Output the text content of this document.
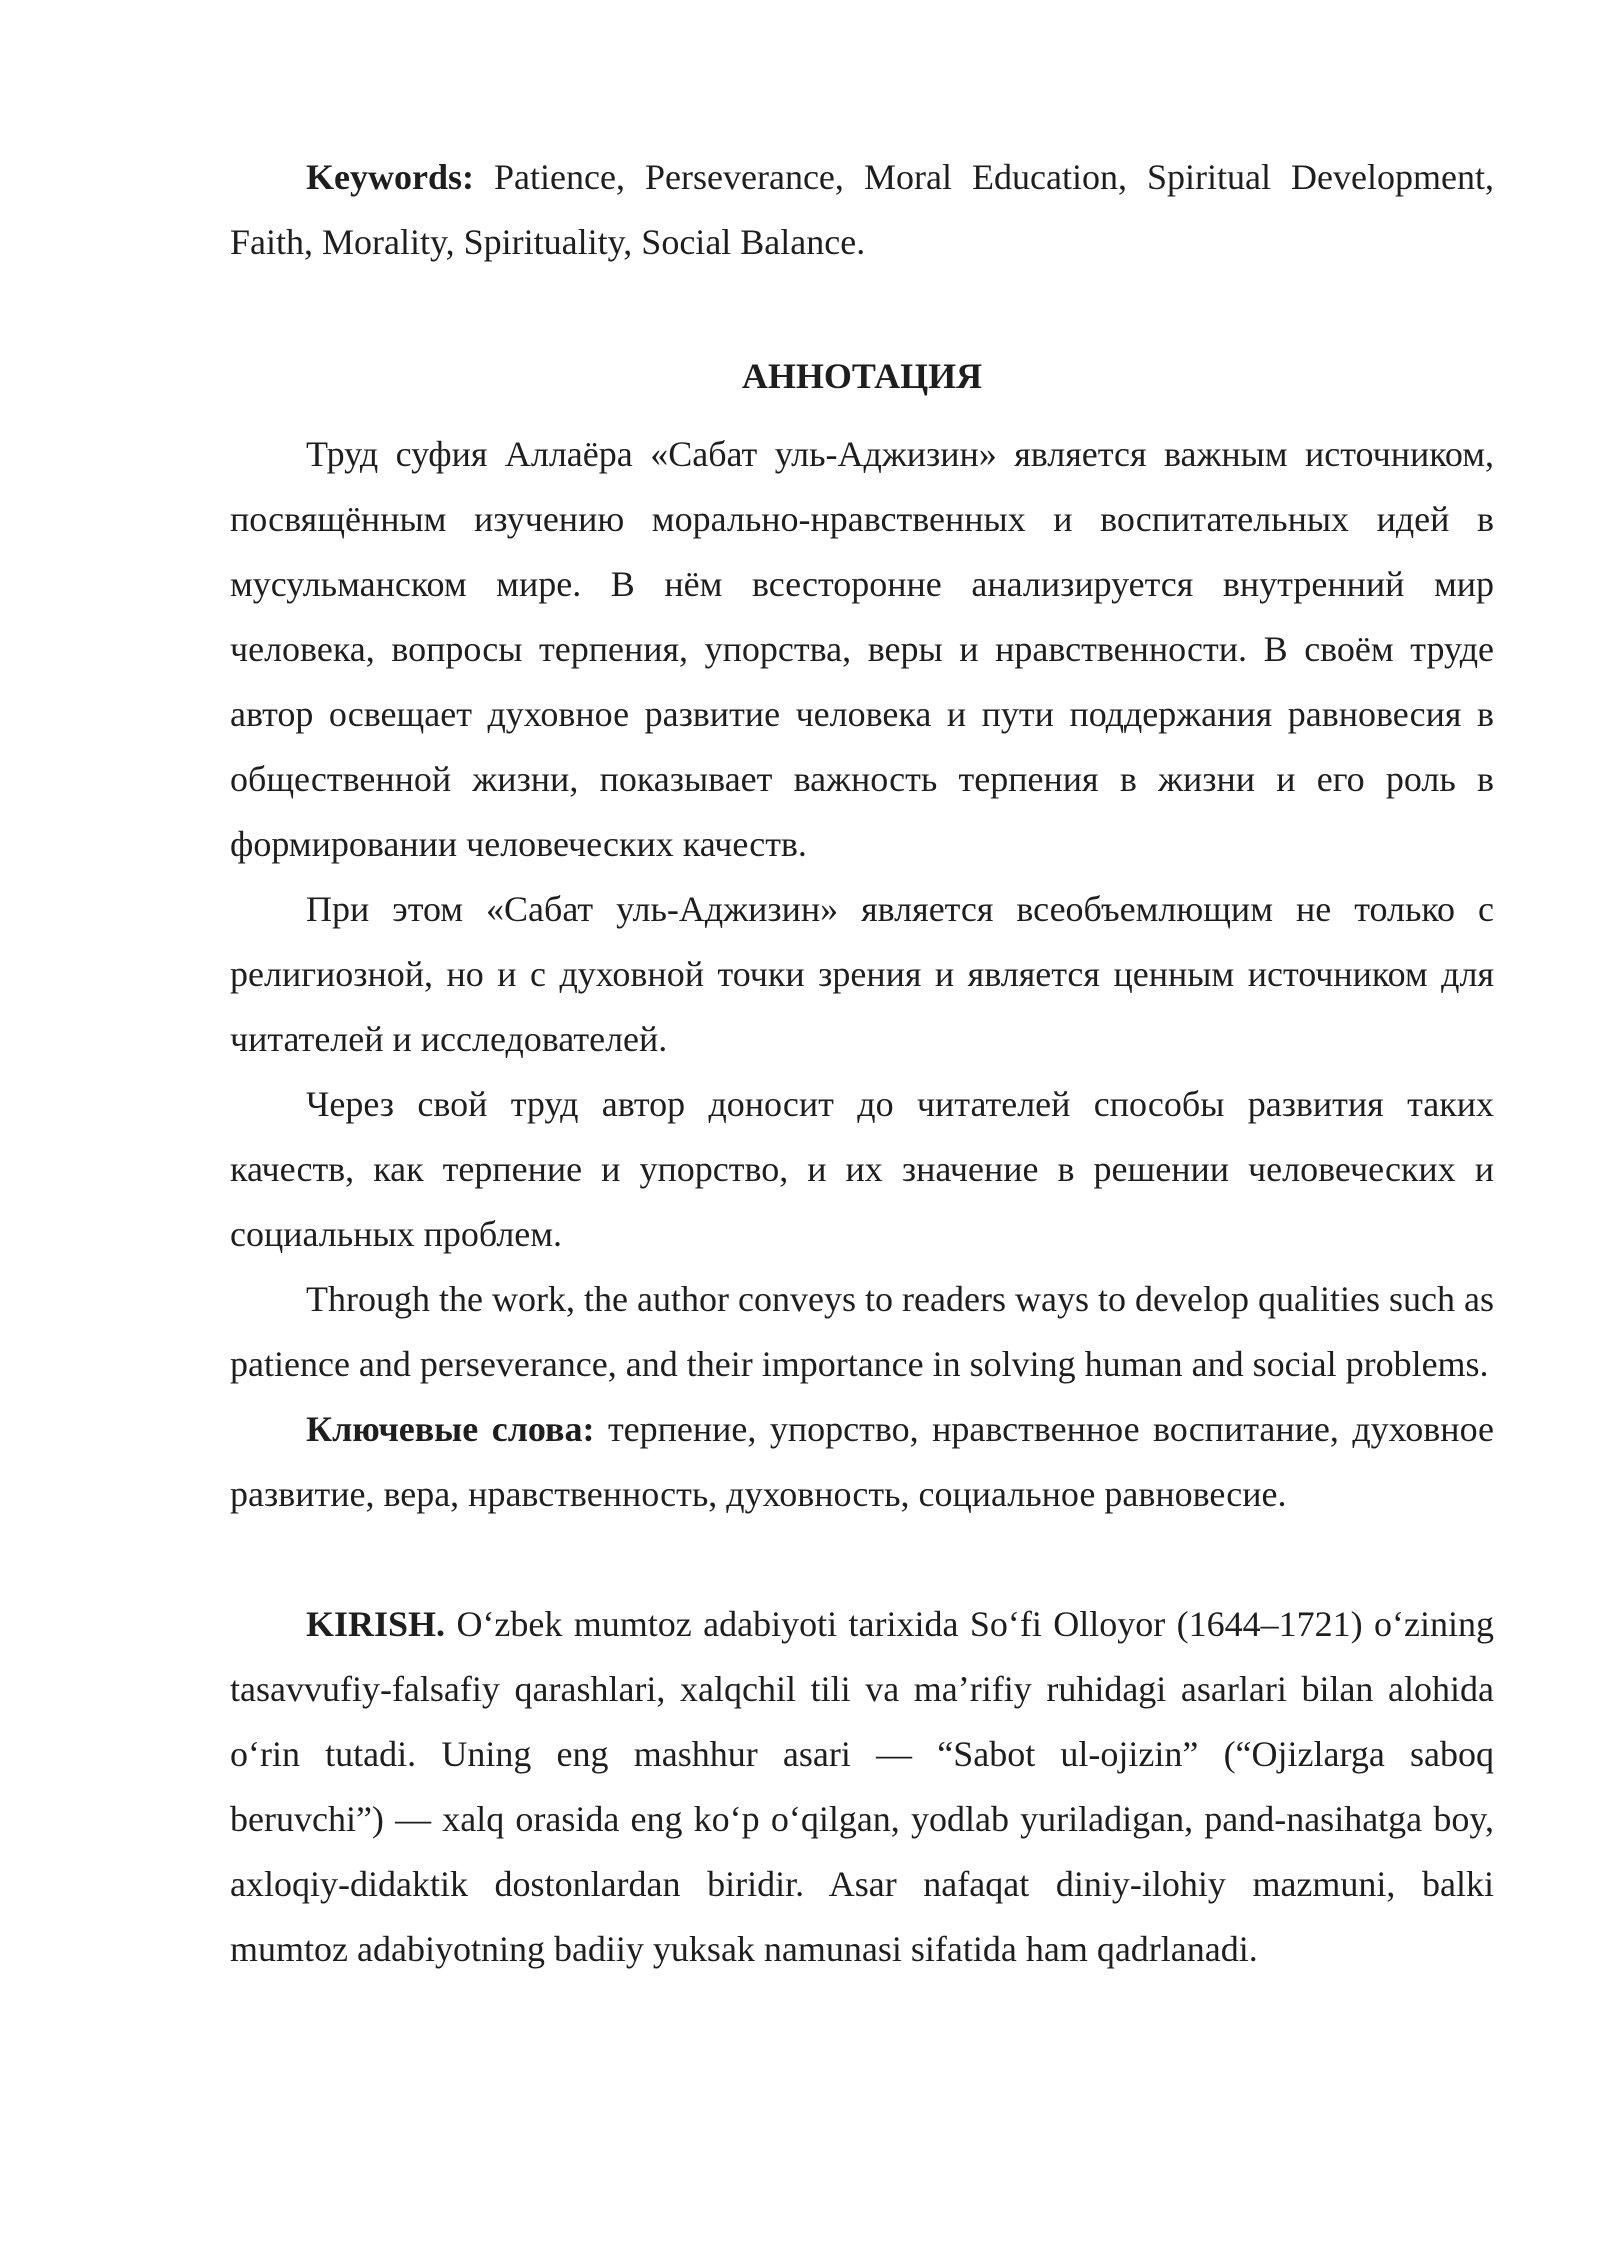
Keywords: Patience, Perseverance, Moral Education, Spiritual Development, Faith, Morality, Spirituality, Social Balance.

АННОТАЦИЯ

Труд суфия Аллаёра «Сабат уль-Аджизин» является важным источником, посвящённым изучению морально-нравственных и воспитательных идей в мусульманском мире. В нём всесторонне анализируется внутренний мир человека, вопросы терпения, упорства, веры и нравственности. В своём труде автор освещает духовное развитие человека и пути поддержания равновесия в общественной жизни, показывает важность терпения в жизни и его роль в формировании человеческих качеств.

При этом «Сабат уль-Аджизин» является всеобъемлющим не только с религиозной, но и с духовной точки зрения и является ценным источником для читателей и исследователей.

Через свой труд автор доносит до читателей способы развития таких качеств, как терпение и упорство, и их значение в решении человеческих и социальных проблем.

Through the work, the author conveys to readers ways to develop qualities such as patience and perseverance, and their importance in solving human and social problems.

Ключевые слова: терпение, упорство, нравственное воспитание, духовное развитие, вера, нравственность, духовность, социальное равновесие.

KIRISH. Oʻzbek mumtoz adabiyoti tarixida Soʻfi Olloyor (1644–1721) oʻzining tasavvufiy-falsafiy qarashlari, xalqchil tili va maʼrifiy ruhidagi asarlari bilan alohida oʻrin tutadi. Uning eng mashhur asari — “Sabot ul-ojizin” (“Ojizlarga saboq beruvchi”) — xalq orasida eng koʻp oʻqilgan, yodlab yuriladigan, pand-nasihatga boy, axloqiy-didaktik dostonlardan biridir. Asar nafaqat diniy-ilohiy mazmuni, balki mumtoz adabiyotning badiiy yuksak namunasi sifatida ham qadrlanadi.
